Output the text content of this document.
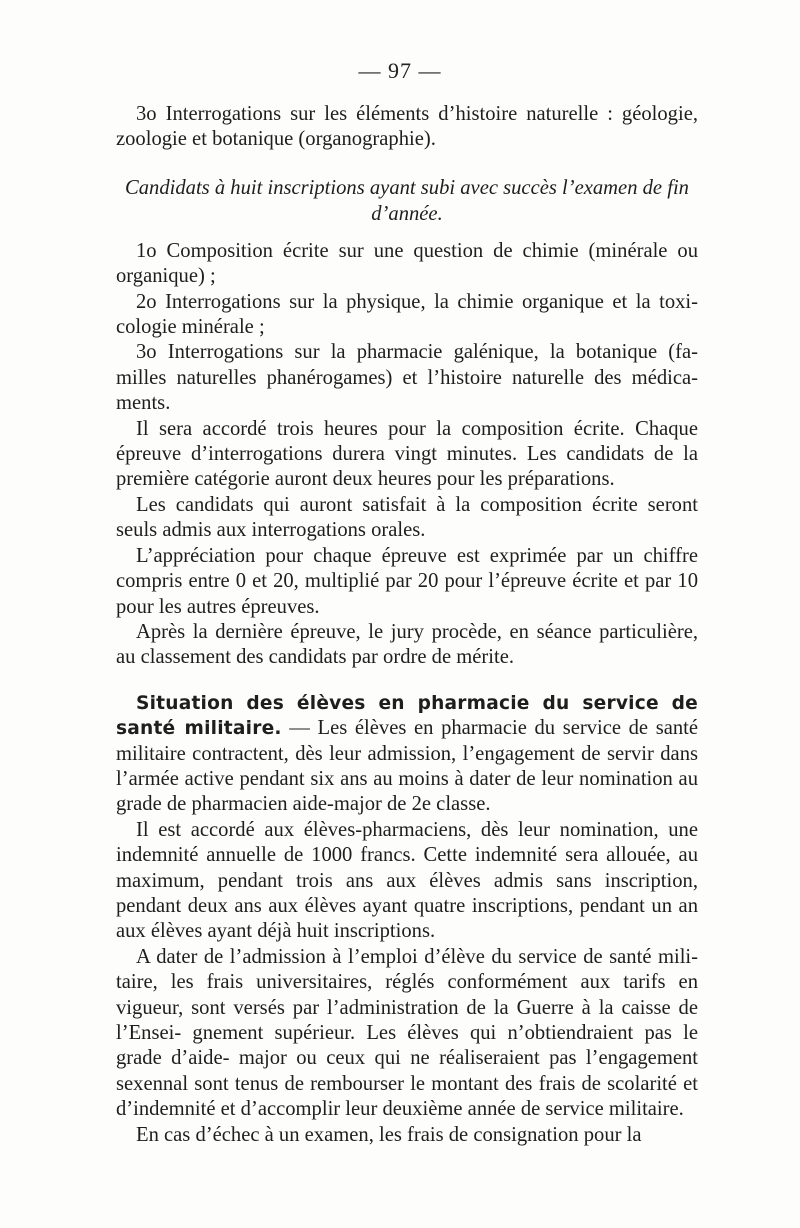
— 97 —

3o Interrogations sur les éléments d’histoire naturelle : géologie, zoologie et botanique (organographie).

Candidats à huit inscriptions ayant subi avec succès l’examen de fin d’année.

1o Composition écrite sur une question de chimie (minérale ou organique) ;

2o Interrogations sur la physique, la chimie organique et la toxi- cologie minérale ;

3o Interrogations sur la pharmacie galénique, la botanique (fa- milles naturelles phanérogames) et l’histoire naturelle des médica- ments.

Il sera accordé trois heures pour la composition écrite. Chaque épreuve d’interrogations durera vingt minutes. Les candidats de la première catégorie auront deux heures pour les préparations.

Les candidats qui auront satisfait à la composition écrite seront seuls admis aux interrogations orales.

L’appréciation pour chaque épreuve est exprimée par un chiffre compris entre 0 et 20, multiplié par 20 pour l’épreuve écrite et par 10 pour les autres épreuves.

Après la dernière épreuve, le jury procède, en séance particulière, au classement des candidats par ordre de mérite.

Situation des élèves en pharmacie du service de santé militaire. — Les élèves en pharmacie du service de santé militaire contractent, dès leur admission, l’engagement de servir dans l’armée active pendant six ans au moins à dater de leur nomination au grade de pharmacien aide-major de 2e classe.

Il est accordé aux élèves-pharmaciens, dès leur nomination, une indemnité annuelle de 1000 francs. Cette indemnité sera allouée, au maximum, pendant trois ans aux élèves admis sans inscription, pendant deux ans aux élèves ayant quatre inscriptions, pendant un an aux élèves ayant déjà huit inscriptions.

A dater de l’admission à l’emploi d’élève du service de santé mili- taire, les frais universitaires, réglés conformément aux tarifs en vigueur, sont versés par l’administration de la Guerre à la caisse de l’Ensei- gnement supérieur. Les élèves qui n’obtiendraient pas le grade d’aide- major ou ceux qui ne réaliseraient pas l’engagement sexennal sont tenus de rembourser le montant des frais de scolarité et d’indemnité et d’accomplir leur deuxième année de service militaire.

En cas d’échec à un examen, les frais de consignation pour la
